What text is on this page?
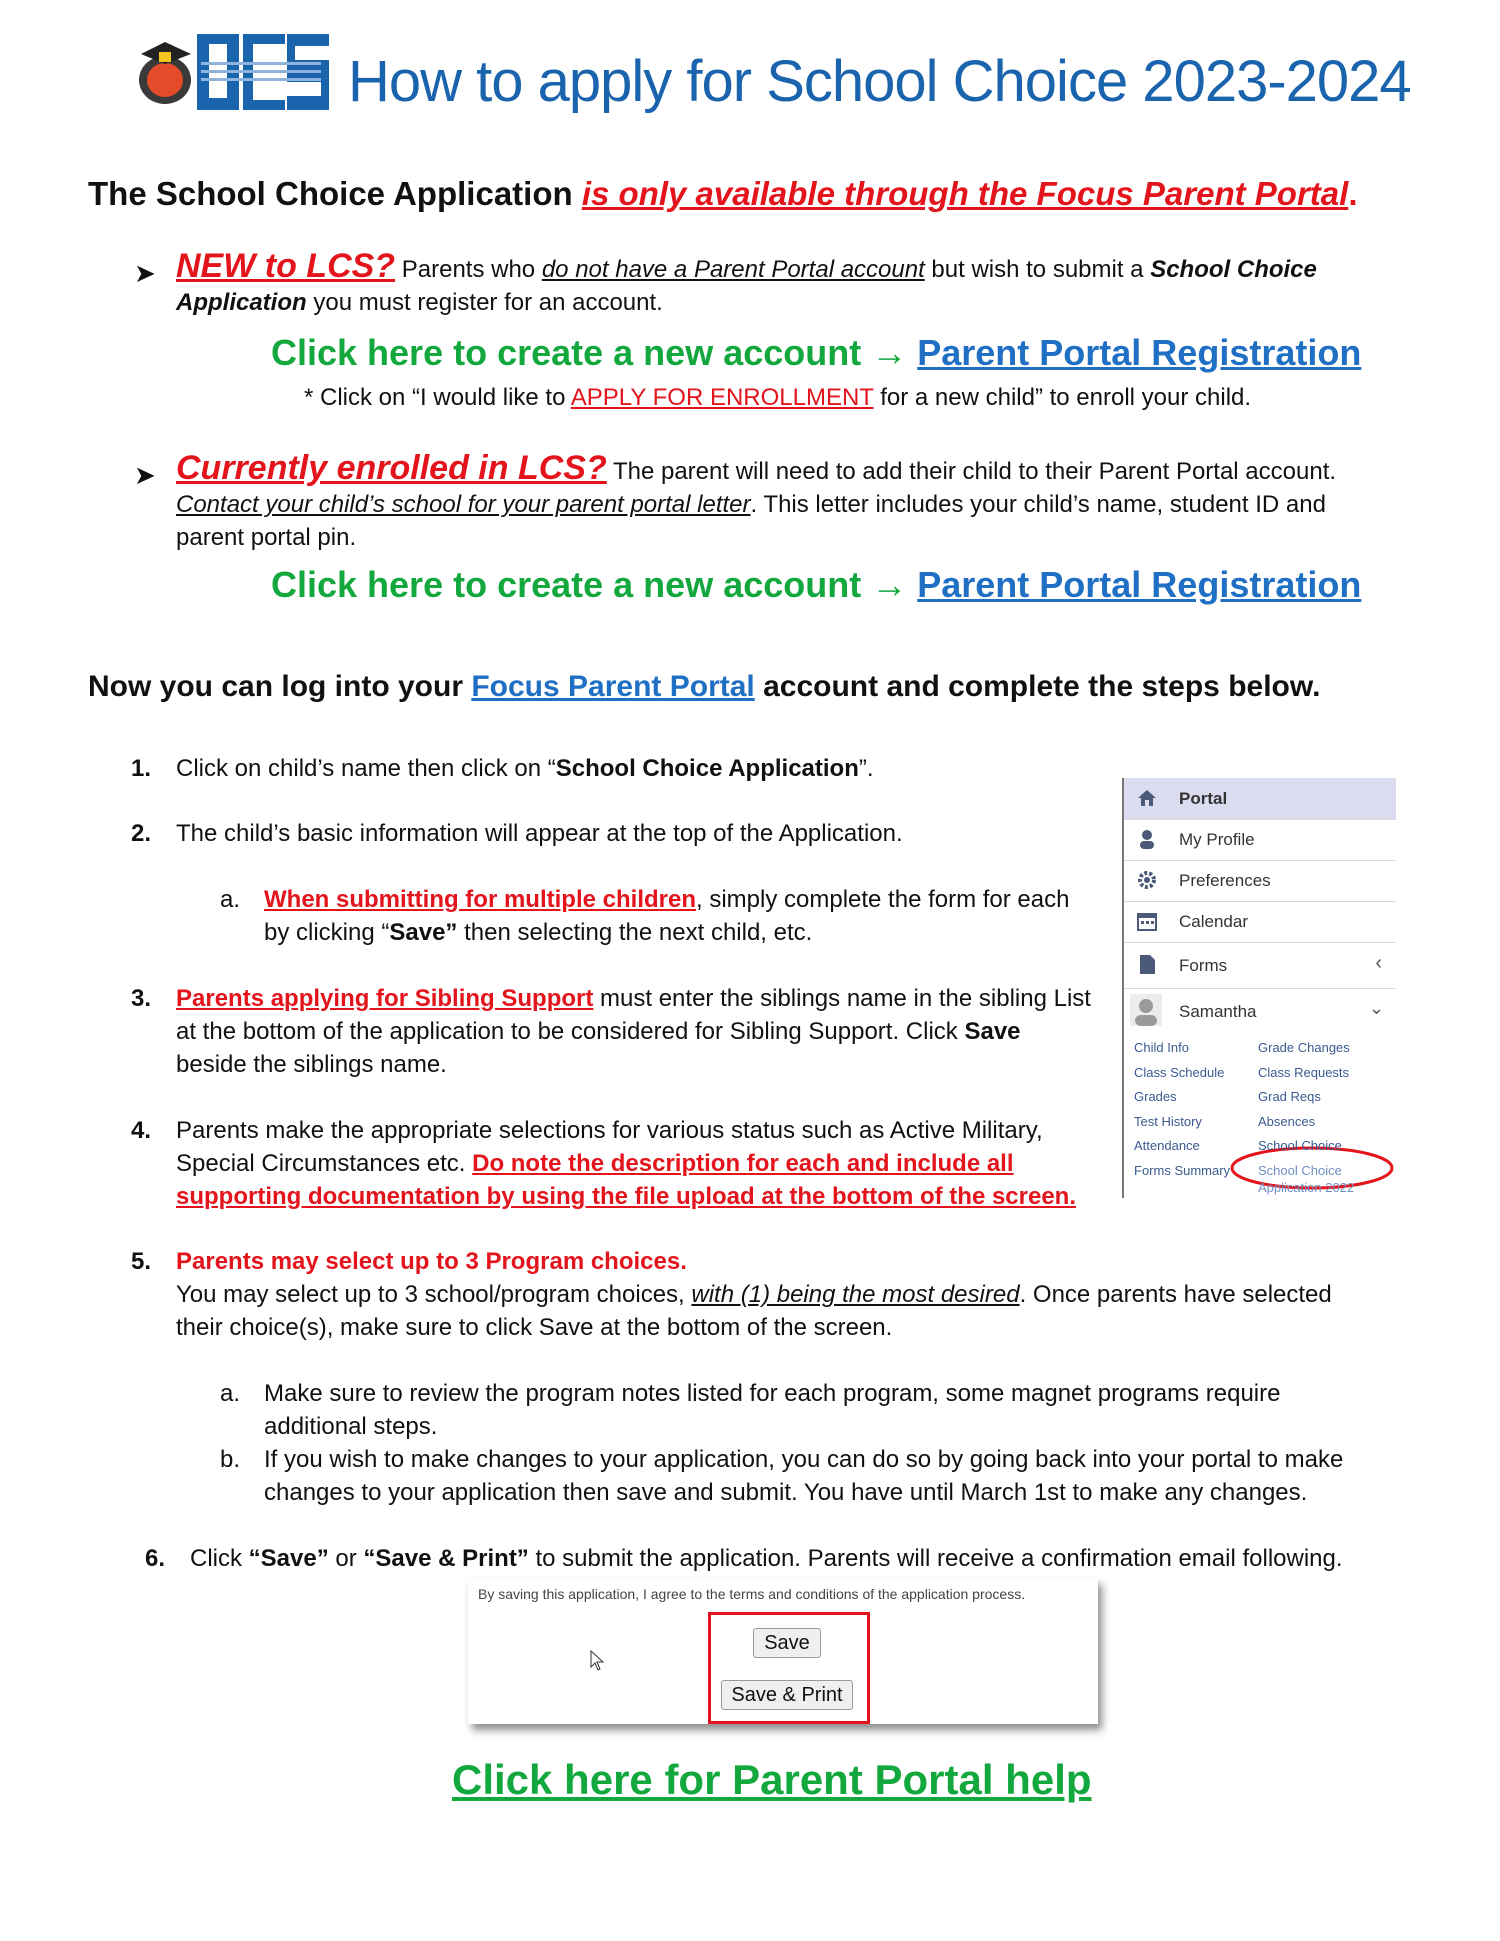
How to apply for School Choice 2023-2024
The School Choice Application is only available through the Focus Parent Portal.
➤ NEW to LCS? Parents who do not have a Parent Portal account but wish to submit a School Choice
Application you must register for an account.
Click here to create a new account → Parent Portal Registration
* Click on “I would like to APPLY FOR ENROLLMENT for a new child” to enroll your child.
➤ Currently enrolled in LCS? The parent will need to add their child to their Parent Portal account.
Contact your child’s school for your parent portal letter. This letter includes your child’s name, student ID and
parent portal pin.
Click here to create a new account → Parent Portal Registration
Now you can log into your Focus Parent Portal account and complete the steps below.
1. Click on child’s name then click on “School Choice Application”.
2. The child’s basic information will appear at the top of the Application.
a. When submitting for multiple children, simply complete the form for each
by clicking “Save” then selecting the next child, etc.
3. Parents applying for Sibling Support must enter the siblings name in the sibling List
at the bottom of the application to be considered for Sibling Support. Click Save
beside the siblings name.
4. Parents make the appropriate selections for various status such as Active Military,
Special Circumstances etc. Do note the description for each and include all
supporting documentation by using the file upload at the bottom of the screen.
5. Parents may select up to 3 Program choices.
You may select up to 3 school/program choices, with (1) being the most desired. Once parents have selected
their choice(s), make sure to click Save at the bottom of the screen.
a. Make sure to review the program notes listed for each program, some magnet programs require
additional steps.
b. If you wish to make changes to your application, you can do so by going back into your portal to make
changes to your application then save and submit. You have until March 1st to make any changes.
6. Click “Save” or “Save & Print” to submit the application. Parents will receive a confirmation email following.
Portal
My Profile
Preferences
Calendar
Forms	‹
Samantha	⌄
Child Info
Class Schedule
Grades
Test History
Attendance
Forms Summary
Grade Changes
Class Requests
Grad Reqs
Absences
School Choice
School Choice
Application 2022
By saving this application, I agree to the terms and conditions of the application process.
Save
Save & Print
Click here for Parent Portal help
